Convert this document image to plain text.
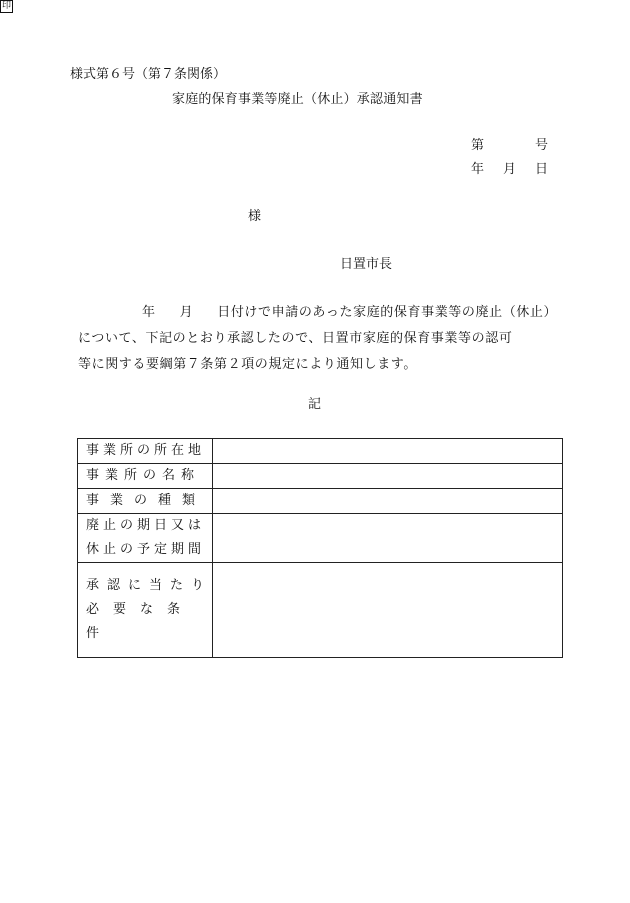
様式第６号（第７条関係）
家庭的保育事業等廃止（休止）承認通知書
第	号
年 月 日
様
日置市長
印
年 月 日付けで申請のあった家庭的保育事業等の廃止（休止）
について、下記のとおり承認したので、日置市家庭的保育事業等の認可
等に関する要綱第７条第２項の規定により通知します。
記
事業所の所在地	

事業所の名称	

事業の種類	

廃止の期日又は
休止の予定期間	

承認に当たり
必要な条件	
